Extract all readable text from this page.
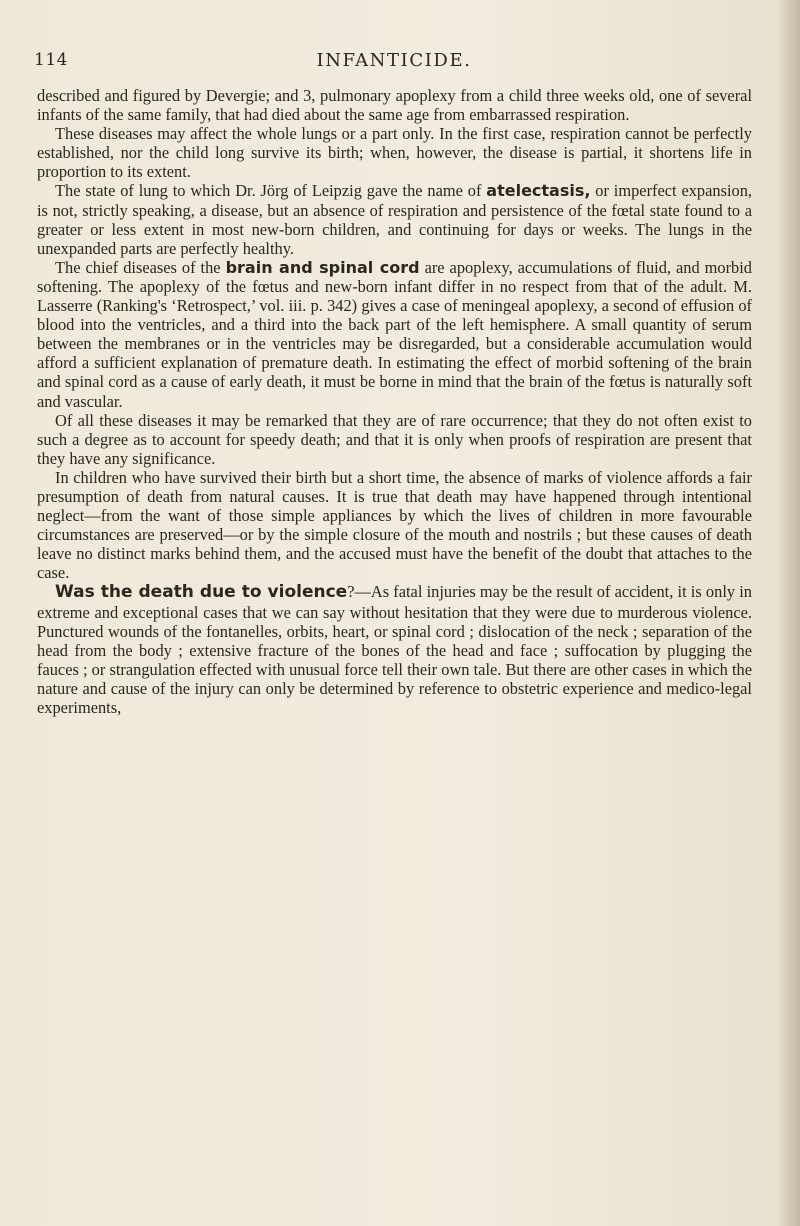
114	INFANTICIDE.

described and figured by Devergie; and 3, pulmonary apoplexy from a child three weeks old, one of several infants of the same family, that had died about the same age from embarrassed respiration.

These diseases may affect the whole lungs or a part only. In the first case, respiration cannot be perfectly established, nor the child long survive its birth; when, however, the disease is partial, it shortens life in proportion to its extent.

The state of lung to which Dr. Jörg of Leipzig gave the name of atelectasis, or imperfect expansion, is not, strictly speaking, a disease, but an absence of respiration and persistence of the fœtal state found to a greater or less extent in most new-born children, and continuing for days or weeks. The lungs in the unexpanded parts are perfectly healthy.

The chief diseases of the brain and spinal cord are apoplexy, accumulations of fluid, and morbid softening. The apoplexy of the fœtus and new-born infant differ in no respect from that of the adult. M. Lasserre (Ranking's ‘Retrospect,’ vol. iii. p. 342) gives a case of meningeal apoplexy, a second of effusion of blood into the ventricles, and a third into the back part of the left hemisphere. A small quantity of serum between the membranes or in the ventricles may be disregarded, but a considerable accumulation would afford a sufficient explanation of premature death. In estimating the effect of morbid softening of the brain and spinal cord as a cause of early death, it must be borne in mind that the brain of the fœtus is naturally soft and vascular.

Of all these diseases it may be remarked that they are of rare occurrence; that they do not often exist to such a degree as to account for speedy death; and that it is only when proofs of respiration are present that they have any significance.

In children who have survived their birth but a short time, the absence of marks of violence affords a fair presumption of death from natural causes. It is true that death may have happened through intentional neglect—from the want of those simple appliances by which the lives of children in more favourable circumstances are preserved—or by the simple closure of the mouth and nostrils ; but these causes of death leave no distinct marks behind them, and the accused must have the benefit of the doubt that attaches to the case.

Was the death due to violence?—As fatal injuries may be the result of accident, it is only in extreme and exceptional cases that we can say without hesitation that they were due to murderous violence. Punctured wounds of the fontanelles, orbits, heart, or spinal cord ; dislocation of the neck ; separation of the head from the body ; extensive fracture of the bones of the head and face ; suffocation by plugging the fauces ; or strangulation effected with unusual force tell their own tale. But there are other cases in which the nature and cause of the injury can only be determined by reference to obstetric experience and medico-legal experiments,
